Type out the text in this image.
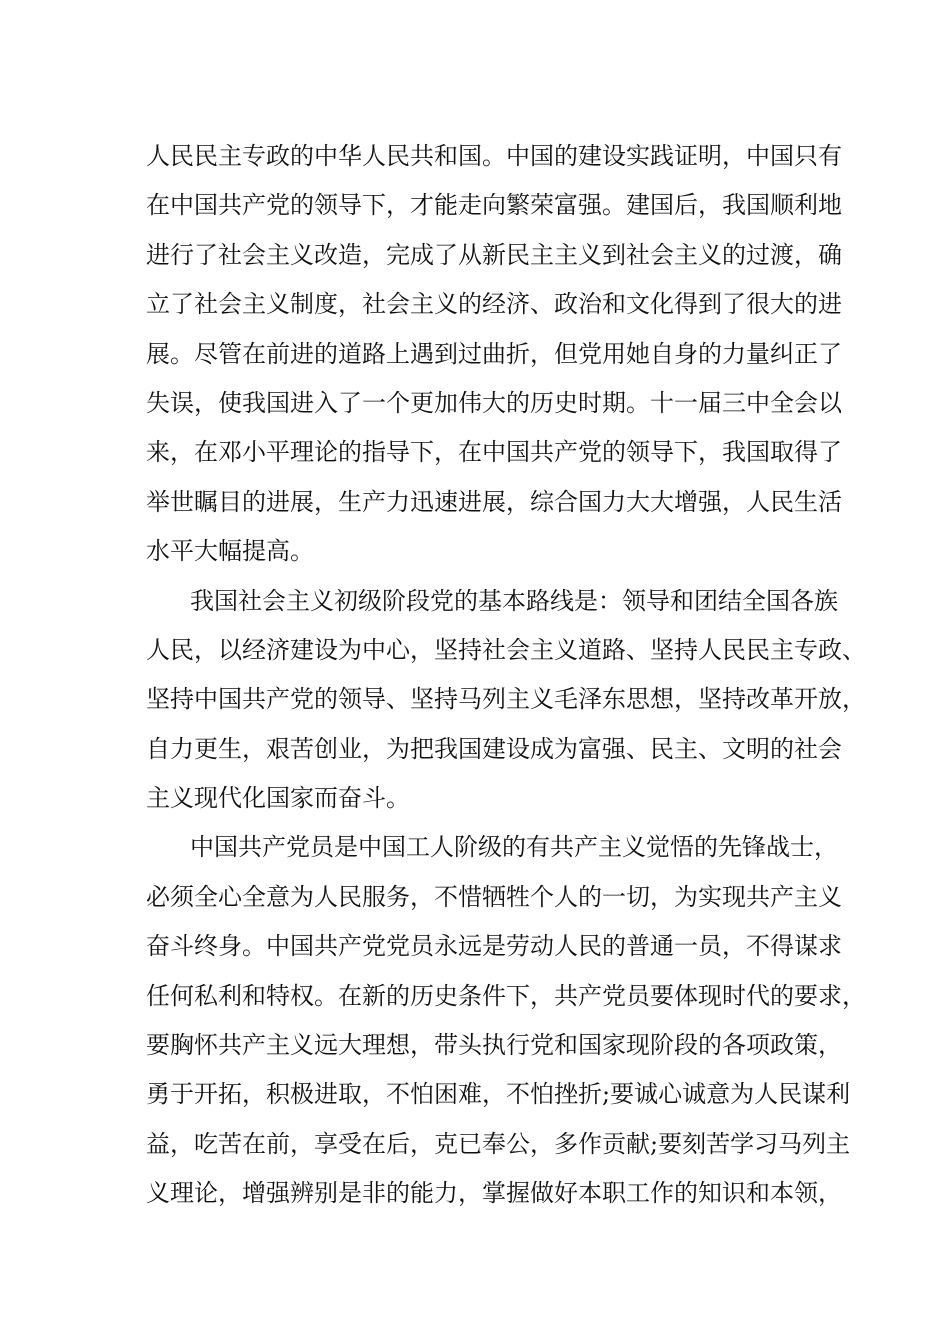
人民民主专政的中华人民共和国。中国的建设实践证明，中国只有
在中国共产党的领导下，才能走向繁荣富强。建国后，我国顺利地
进行了社会主义改造，完成了从新民主主义到社会主义的过渡，确
立了社会主义制度，社会主义的经济、政治和文化得到了很大的进
展。尽管在前进的道路上遇到过曲折，但党用她自身的力量纠正了
失误，使我国进入了一个更加伟大的历史时期。十一届三中全会以
来，在邓小平理论的指导下，在中国共产党的领导下，我国取得了
举世瞩目的进展，生产力迅速进展，综合国力大大增强，人民生活
水平大幅提高。
我国社会主义初级阶段党的基本路线是：领导和团结全国各族
人民，以经济建设为中心，坚持社会主义道路、坚持人民民主专政、
坚持中国共产党的领导、坚持马列主义毛泽东思想，坚持改革开放，
自力更生，艰苦创业，为把我国建设成为富强、民主、文明的社会
主义现代化国家而奋斗。
中国共产党员是中国工人阶级的有共产主义觉悟的先锋战士，
必须全心全意为人民服务，不惜牺牲个人的一切，为实现共产主义
奋斗终身。中国共产党党员永远是劳动人民的普通一员，不得谋求
任何私利和特权。在新的历史条件下，共产党员要体现时代的要求，
要胸怀共产主义远大理想，带头执行党和国家现阶段的各项政策，
勇于开拓，积极进取，不怕困难，不怕挫折;要诚心诚意为人民谋利
益，吃苦在前，享受在后，克已奉公，多作贡献;要刻苦学习马列主
义理论，增强辨别是非的能力，掌握做好本职工作的知识和本领，
